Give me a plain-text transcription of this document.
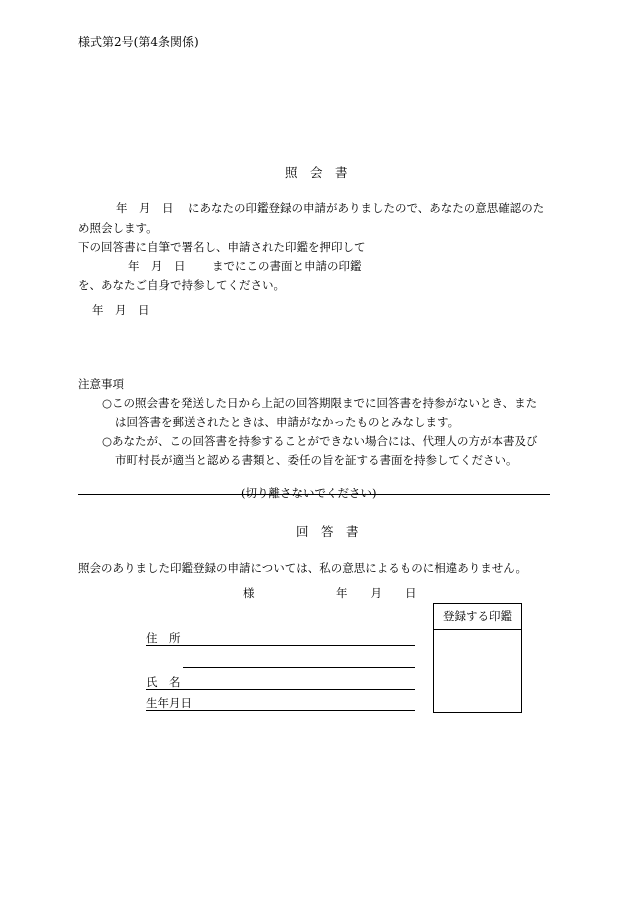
様式第2号(第4条関係)
照　会　書
年　月　日 にあなたの印鑑登録の申請がありましたので、あなたの意思確認のた
め照会します。
下の回答書に自筆で署名し、申請された印鑑を押印して
年　月　日 までにこの書面と申請の印鑑
を、あなたご自身で持参してください。
年　月　日
注意事項
○この照会書を発送した日から上記の回答期限までに回答書を持参がないとき、また
は回答書を郵送されたときは、申請がなかったものとみなします。
○あなたが、この回答書を持参することができない場合には、代理人の方が本書及び
市町村長が適当と認める書類と、委任の旨を証する書面を持参してください。
(切り離さないでください)
回　答　書
照会のありました印鑑登録の申請については、私の意思によるものに相違ありません。
様	年　　月　　日
住　所
氏　名
生年月日
登録する印鑑
